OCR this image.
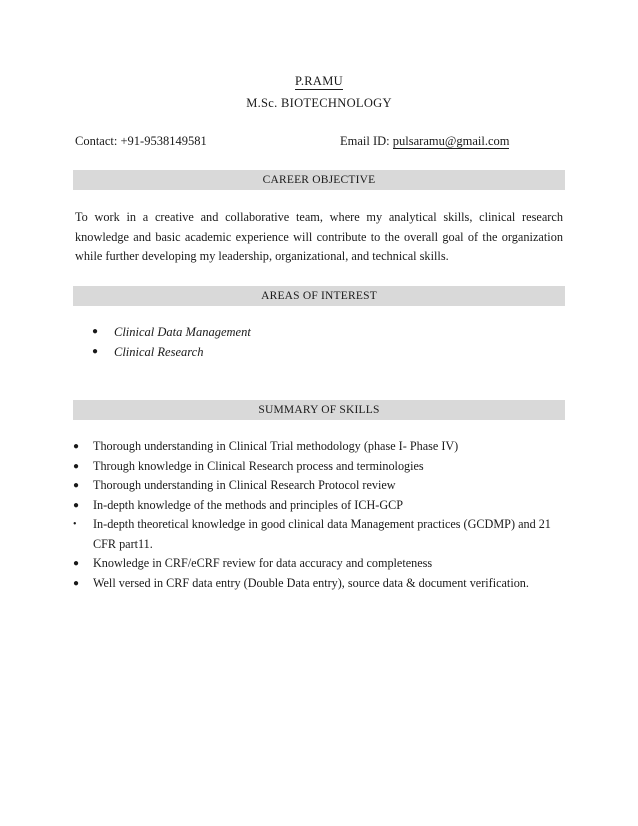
P.RAMU
M.Sc. BIOTECHNOLOGY
Contact: +91-9538149581	Email ID: pulsaramu@gmail.com
CAREER OBJECTIVE
To work in a creative and collaborative team, where my analytical skills, clinical research knowledge and basic academic experience will contribute to the overall goal of the organization while further developing my leadership, organizational, and technical skills.
AREAS OF INTEREST
● Clinical Data Management
● Clinical Research
SUMMARY OF SKILLS
● Thorough understanding in Clinical Trial methodology (phase I- Phase IV)
● Through knowledge in Clinical Research process and terminologies
● Thorough understanding in Clinical Research Protocol review
● In-depth knowledge of the methods and principles of ICH-GCP
• In-depth theoretical knowledge in good clinical data Management practices (GCDMP) and 21 CFR part11.
● Knowledge in CRF/eCRF review for data accuracy and completeness
● Well versed in CRF data entry (Double Data entry), source data & document verification.
